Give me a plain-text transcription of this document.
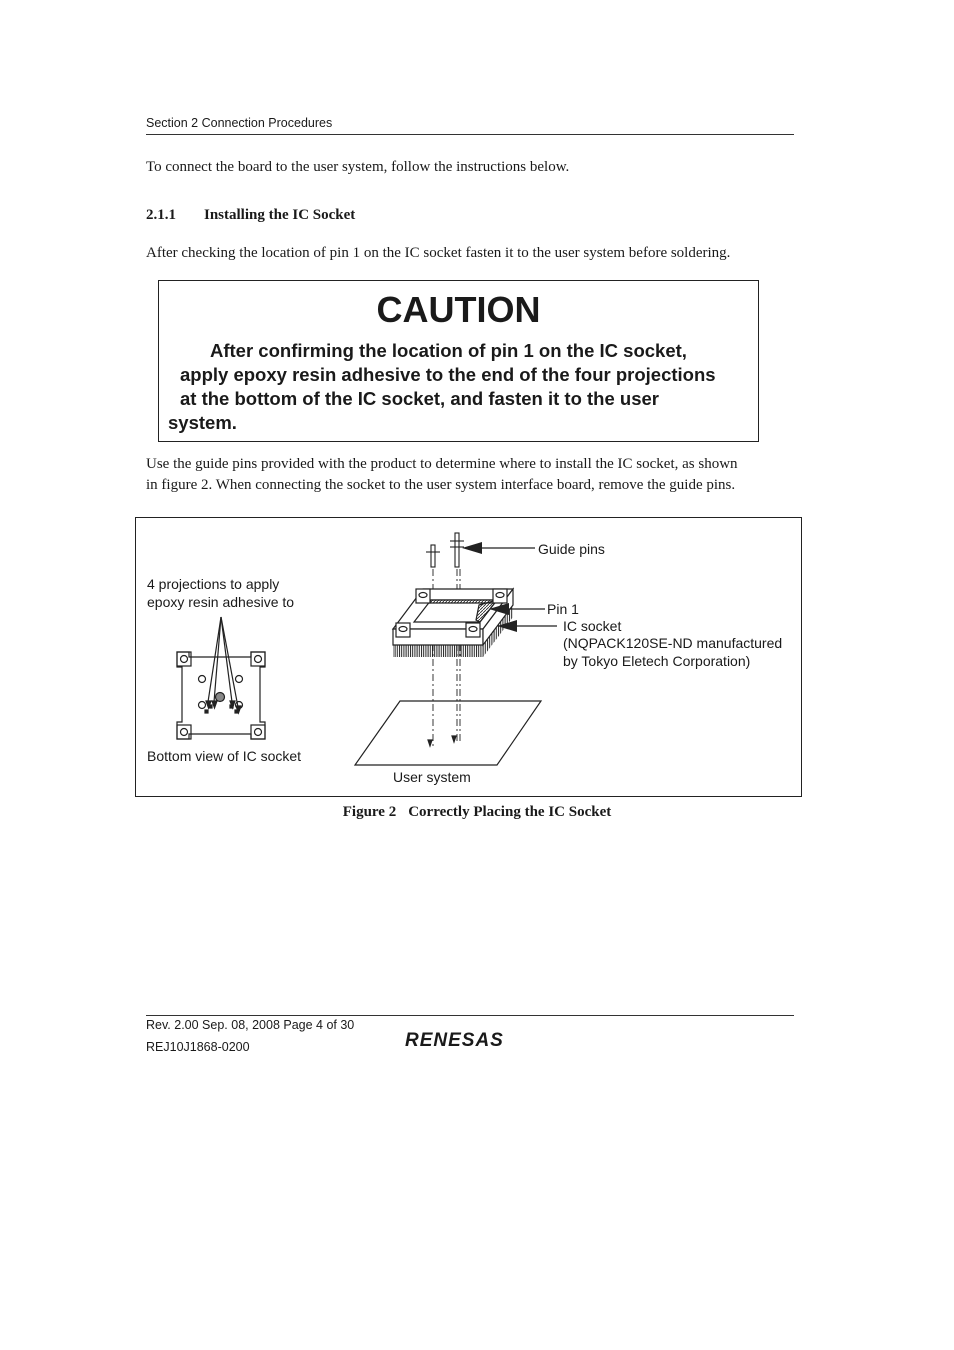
Section 2 Connection Procedures
To connect the board to the user system, follow the instructions below.
2.1.1 Installing the IC Socket
After checking the location of pin 1 on the IC socket fasten it to the user system before soldering.
CAUTION
After confirming the location of pin 1 on the IC socket,
apply epoxy resin adhesive to the end of the four projections
at the bottom of the IC socket, and fasten it to the user
system.
Use the guide pins provided with the product to determine where to install the IC socket, as shown
in figure 2. When connecting the socket to the user system interface board, remove the guide pins.
Guide pins
4 projections to apply
epoxy resin adhesive to	Pin 1
IC socket
(NQPACK120SE-ND manufactured
by Tokyo Eletech Corporation)
Bottom view of IC socket
User system
Figure 2 Correctly Placing the IC Socket
Rev. 2.00 Sep. 08, 2008 Page 4 of 30
REJ10J1868-0200	RENESAS
